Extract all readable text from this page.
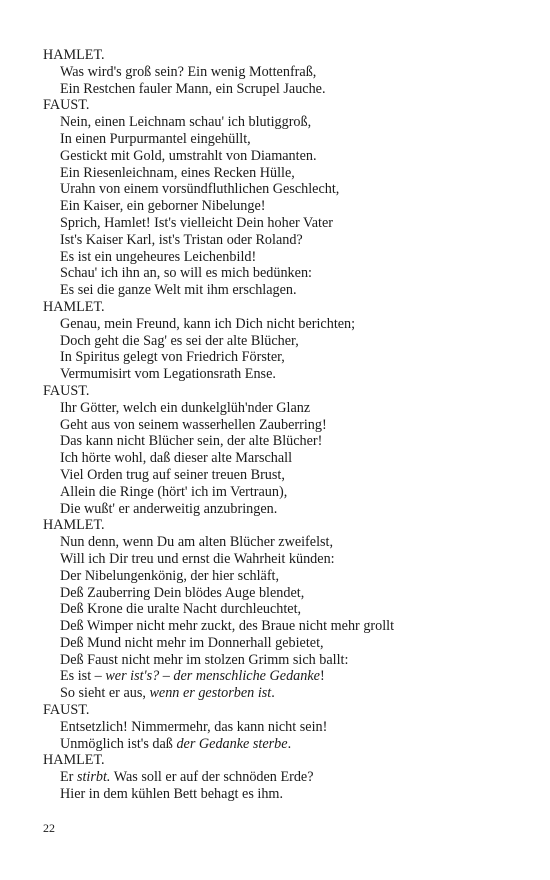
HAMLET.
Was wird's groß sein? Ein wenig Mottenfraß,
Ein Restchen fauler Mann, ein Scrupel Jauche.
FAUST.
Nein, einen Leichnam schau' ich blutiggroß,
In einen Purpurmantel eingehüllt,
Gestickt mit Gold, umstrahlt von Diamanten.
Ein Riesenleichnam, eines Recken Hülle,
Urahn von einem vorsündfluthlichen Geschlecht,
Ein Kaiser, ein geborner Nibelunge!
Sprich, Hamlet! Ist's vielleicht Dein hoher Vater
Ist's Kaiser Karl, ist's Tristan oder Roland?
Es ist ein ungeheures Leichenbild!
Schau' ich ihn an, so will es mich bedünken:
Es sei die ganze Welt mit ihm erschlagen.
HAMLET.
Genau, mein Freund, kann ich Dich nicht berichten;
Doch geht die Sag' es sei der alte Blücher,
In Spiritus gelegt von Friedrich Förster,
Vermumisirt vom Legationsrath Ense.
FAUST.
Ihr Götter, welch ein dunkelglüh'nder Glanz
Geht aus von seinem wasserhellen Zauberring!
Das kann nicht Blücher sein, der alte Blücher!
Ich hörte wohl, daß dieser alte Marschall
Viel Orden trug auf seiner treuen Brust,
Allein die Ringe (hört' ich im Vertraun),
Die wußt' er anderweitig anzubringen.
HAMLET.
Nun denn, wenn Du am alten Blücher zweifelst,
Will ich Dir treu und ernst die Wahrheit künden:
Der Nibelungenkönig, der hier schläft,
Deß Zauberring Dein blödes Auge blendet,
Deß Krone die uralte Nacht durchleuchtet,
Deß Wimper nicht mehr zuckt, des Braue nicht mehr grollt
Deß Mund nicht mehr im Donnerhall gebietet,
Deß Faust nicht mehr im stolzen Grimm sich ballt:
Es ist – wer ist's? – der menschliche Gedanke!
So sieht er aus, wenn er gestorben ist.
FAUST.
Entsetzlich! Nimmermehr, das kann nicht sein!
Unmöglich ist's daß der Gedanke sterbe.
HAMLET.
Er stirbt. Was soll er auf der schnöden Erde?
Hier in dem kühlen Bett behagt es ihm.
22
